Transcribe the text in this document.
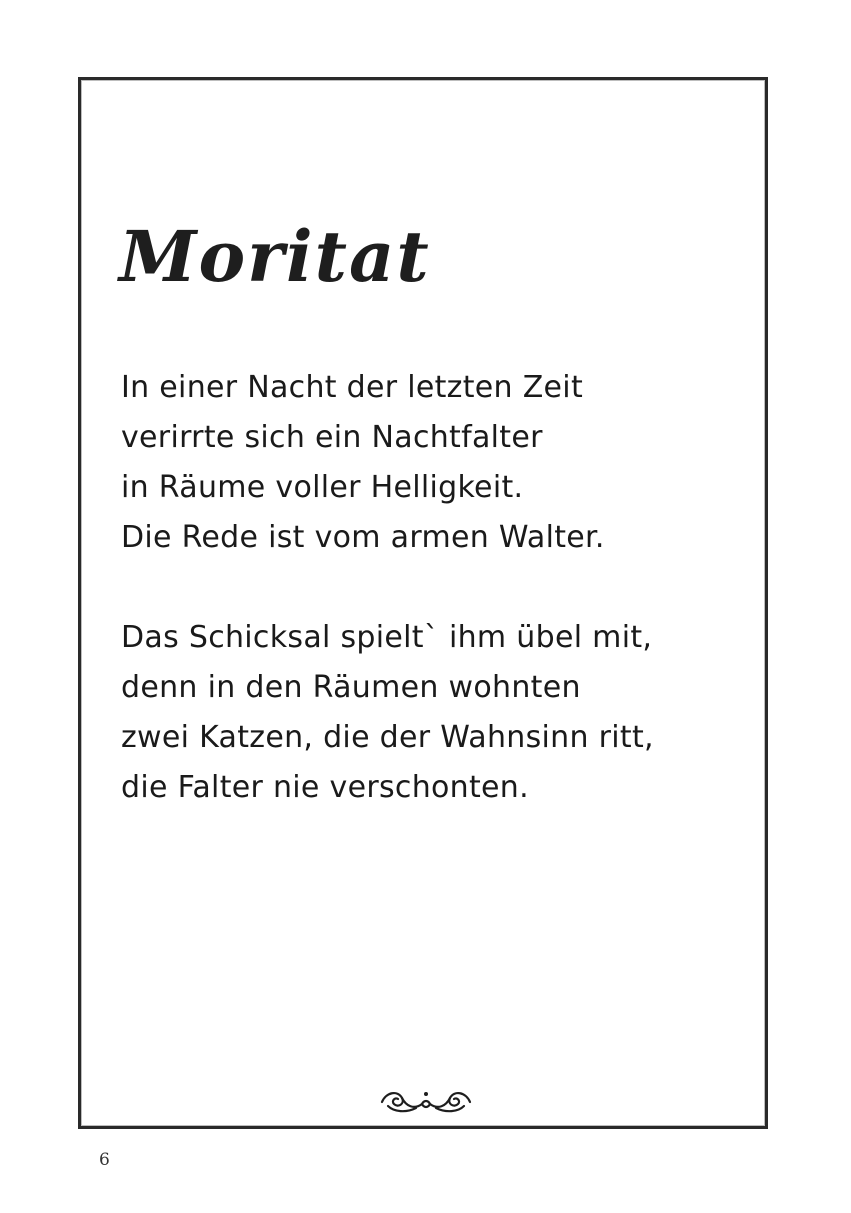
Moritat

In einer Nacht der letzten Zeit
verirrte sich ein Nachtfalter
in Räume voller Helligkeit.
Die Rede ist vom armen Walter.

Das Schicksal spielt` ihm übel mit,
denn in den Räumen wohnten
zwei Katzen, die der Wahnsinn ritt,
die Falter nie verschonten.

6
